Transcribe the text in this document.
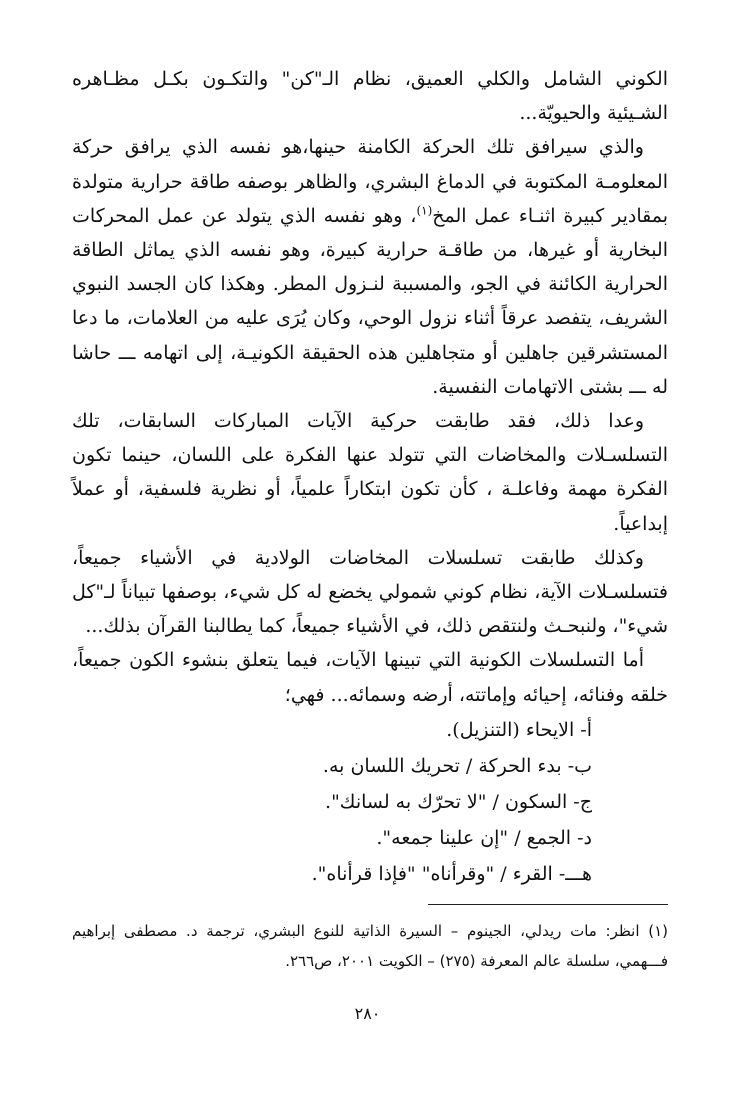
الكوني الشامل والكلي العميق، نظام الـ"كن" والتكـون بكـل مظـاهره الشـيئية والحيويّة...

والذي سيرافق تلك الحركة الكامنة حينها،هو نفسه الذي يرافق حركة المعلومـة المكتوبة في الدماغ البشري، والظاهر بوصفه طاقة حرارية متولدة بمقادير كبيرة اثنـاء عمل المخ$^{(١)}$، وهو نفسه الذي يتولد عن عمل المحركات البخارية أو غيرها، من طاقـة حرارية كبيرة، وهو نفسه الذي يماثل الطاقة الحرارية الكائنة في الجو، والمسببة لنـزول المطر. وهكذا كان الجسد النبوي الشريف، يتفصد عرقاً أثناء نزول الوحي، وكان يُرَى عليه من العلامات، ما دعا المستشرقين جاهلين أو متجاهلين هذه الحقيقة الكونيـة، إلى اتهامه ـــ حاشا له ـــ بشتى الاتهامات النفسية.

وعدا ذلك، فقد طابقت حركية الآيات المباركات السابقات، تلك التسلسـلات والمخاضات التي تتولد عنها الفكرة على اللسان، حينما تكون الفكرة مهمة وفاعلـة ، كأن تكون ابتكاراً علمياً، أو نظرية فلسفية، أو عملاً إبداعياً.

وكذلك طابقت تسلسلات المخاضات الولادية في الأشياء جميعاً، فتسلسـلات الآية، نظام كوني شمولي يخضع له كل شيء، بوصفها تبياناً لـ"كل شيء"، ولنبحـث ولنتقص ذلك، في الأشياء جميعاً، كما يطالبنا القرآن بذلك...

أما التسلسلات الكونية التي تبينها الآيات، فيما يتعلق بنشوء الكون جميعاً، خلقه وفنائه، إحيائه وإماتته، أرضه وسمائه... فهي؛

أ- الايحاء (التنزيل).
ب- بدء الحركة / تحريك اللسان به.
ج- السكون / "لا تحرّك به لسانك".
د- الجمع / "إن علينا جمعه".
هـــ- القرء / "وقرأناه" "فإذا قرأناه".
(١) انظر: مات ريدلي، الجينوم – السيرة الذاتية للنوع البشري، ترجمة د. مصطفى إبراهيم فـــهمي، سلسلة عالم المعرفة (٢٧٥) – الكويت ٢٠٠١، ص٢٦٦.
٢٨٠
